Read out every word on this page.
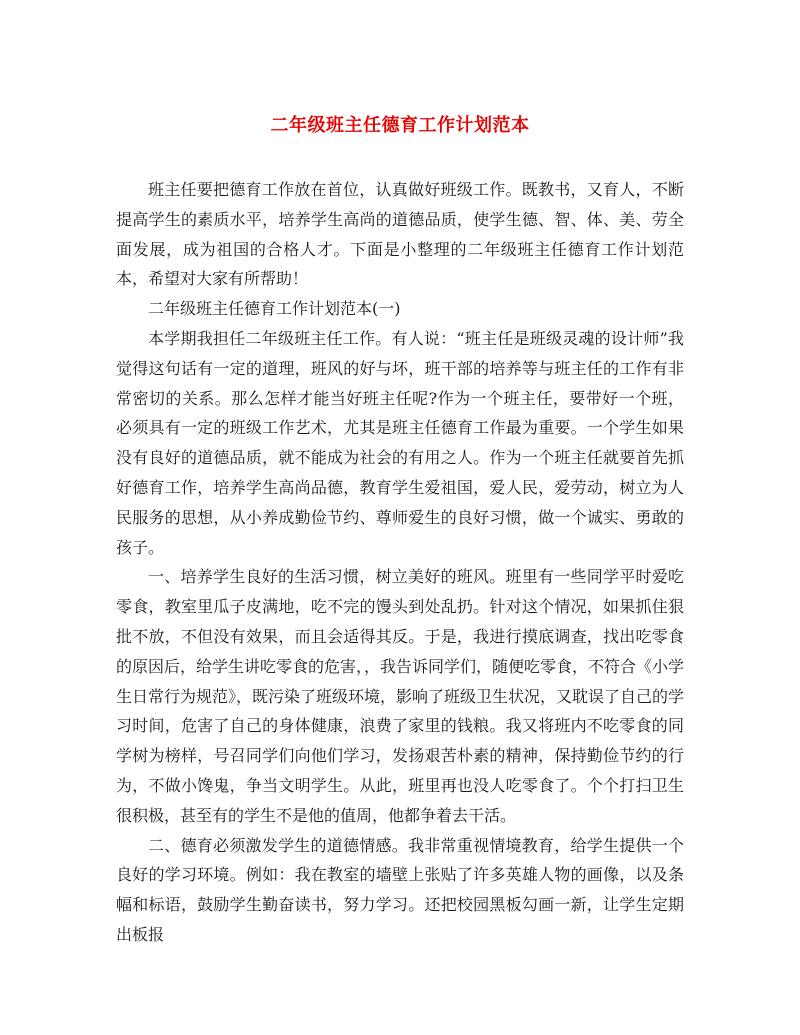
二年级班主任德育工作计划范本

班主任要把德育工作放在首位，认真做好班级工作。既教书，又育人，不断提高学生的素质水平，培养学生高尚的道德品质，使学生德、智、体、美、劳全面发展，成为祖国的合格人才。下面是小整理的二年级班主任德育工作计划范本，希望对大家有所帮助！

二年级班主任德育工作计划范本(一)

本学期我担任二年级班主任工作。有人说：“班主任是班级灵魂的设计师”我觉得这句话有一定的道理，班风的好与坏，班干部的培养等与班主任的工作有非常密切的关系。那么怎样才能当好班主任呢?作为一个班主任，要带好一个班，必须具有一定的班级工作艺术，尤其是班主任德育工作最为重要。一个学生如果没有良好的道德品质，就不能成为社会的有用之人。作为一个班主任就要首先抓好德育工作，培养学生高尚品德，教育学生爱祖国，爱人民，爱劳动，树立为人民服务的思想，从小养成勤俭节约、尊师爱生的良好习惯，做一个诚实、勇敢的孩子。

一、培养学生良好的生活习惯，树立美好的班风。班里有一些同学平时爱吃零食，教室里瓜子皮满地，吃不完的馒头到处乱扔。针对这个情况，如果抓住狠批不放，不但没有效果，而且会适得其反。于是，我进行摸底调查，找出吃零食的原因后，给学生讲吃零食的危害，，我告诉同学们，随便吃零食，不符合《小学生日常行为规范》，既污染了班级环境，影响了班级卫生状况，又耽误了自己的学习时间，危害了自己的身体健康，浪费了家里的钱粮。我又将班内不吃零食的同学树为榜样，号召同学们向他们学习，发扬艰苦朴素的精神，保持勤俭节约的行为，不做小馋鬼，争当文明学生。从此，班里再也没人吃零食了。个个打扫卫生很积极，甚至有的学生不是他的值周，他都争着去干活。

二、德育必须激发学生的道德情感。我非常重视情境教育，给学生提供一个良好的学习环境。例如：我在教室的墙壁上张贴了许多英雄人物的画像，以及条幅和标语，鼓励学生勤奋读书，努力学习。还把校园黑板勾画一新，让学生定期出板报
